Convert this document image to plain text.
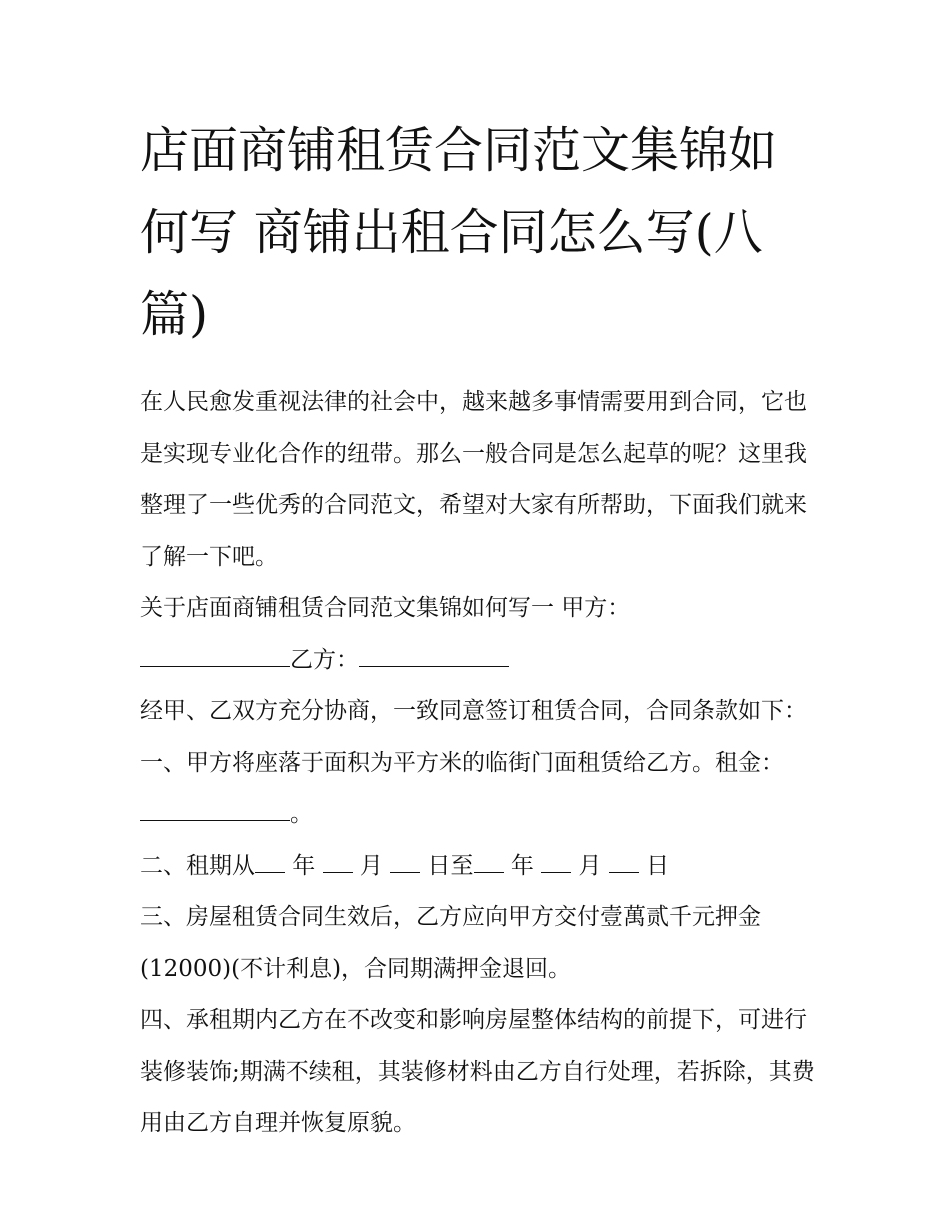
店面商铺租赁合同范文集锦如何写 商铺出租合同怎么写(八篇)

在人民愈发重视法律的社会中，越来越多事情需要用到合同，它也是实现专业化合作的纽带。那么一般合同是怎么起草的呢？这里我整理了一些优秀的合同范文，希望对大家有所帮助，下面我们就来了解一下吧。

关于店面商铺租赁合同范文集锦如何写一 甲方：

乙方：

经甲、乙双方充分协商，一致同意签订租赁合同，合同条款如下：  一、甲方将座落于面积为平方米的临街门面租赁给乙方。租金：。

二、租期从 年  月  日至 年  月  日

三、房屋租赁合同生效后，乙方应向甲方交付壹萬贰千元押金(12000)(不计利息)，合同期满押金退回。

四、承租期内乙方在不改变和影响房屋整体结构的前提下，可进行装修装饰;期满不续租，其装修材料由乙方自行处理，若拆除，其费用由乙方自理并恢复原貌。
